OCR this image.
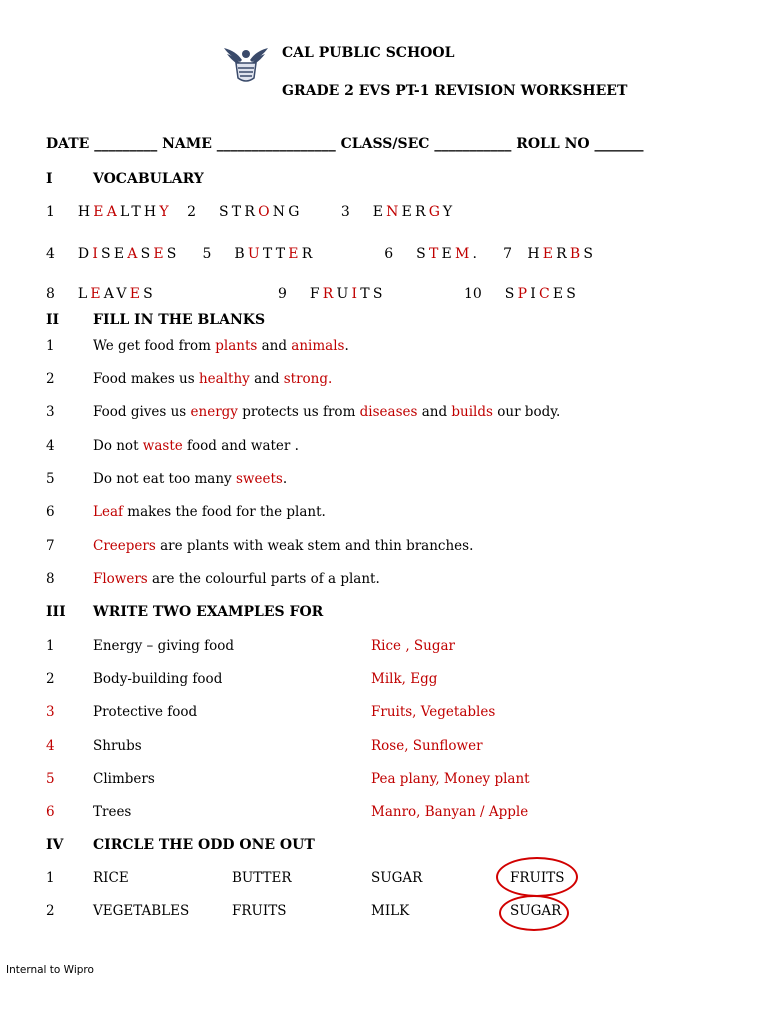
CAL PUBLIC SCHOOL
GRADE 2 EVS PT-1 REVISION WORKSHEET
DATE _________ NAME _________________ CLASS/SEC ___________ ROLL NO _______
I	VOCABULARY
1 HEALTHY 2 STRONG	3 ENERGY
4 DISEASES 5 BUTTER	6 STEM. 7 HERBS
8 LEAVES	9 FRUITS	10 SPICES
II FILL IN THE BLANKS
1	We get food from plants and animals.
2	Food makes us healthy and strong.
3	Food gives us energy protects us from diseases and builds our body.
4	Do not waste food and water .
5	Do not eat too many sweets.
6	Leaf makes the food for the plant.
7	Creepers are plants with weak stem and thin branches.
8	Flowers are the colourful parts of a plant.
III WRITE TWO EXAMPLES FOR
1	Energy – giving food	Rice , Sugar
2	Body-building food	Milk, Egg
3	Protective food	Fruits, Vegetables
4	Shrubs	Rose, Sunflower
5	Climbers	Pea plany, Money plant
6	Trees	Manro, Banyan / Apple
IV CIRCLE THE ODD ONE OUT
1	RICE	BUTTER	SUGAR	FRUITS
2	VEGETABLES	FRUITS	MILK	SUGAR
Internal to Wipro
